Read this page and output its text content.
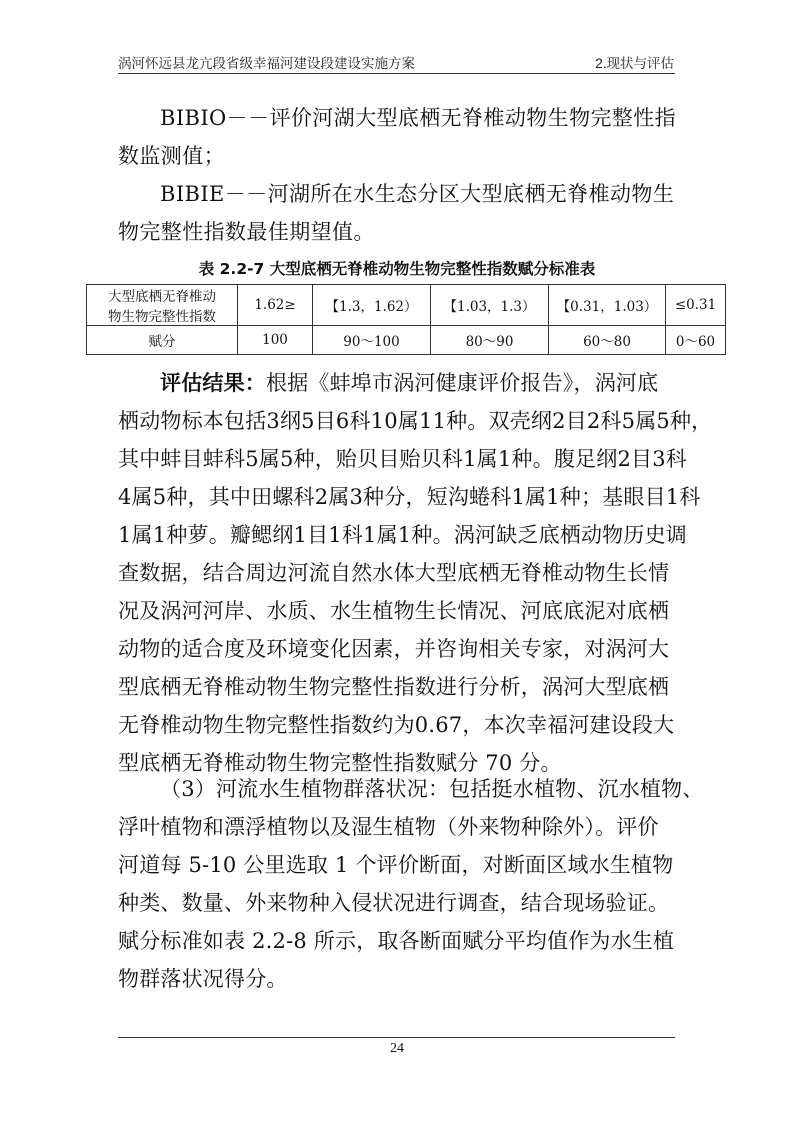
涡河怀远县龙亢段省级幸福河建设段建设实施方案	2.现状与评估

BIBIO－－评价河湖大型底栖无脊椎动物生物完整性指

数监测值；

BIBIE－－河湖所在水生态分区大型底栖无脊椎动物生

物完整性指数最佳期望值。

表 2.2-7 大型底栖无脊椎动物生物完整性指数赋分标准表
大型底栖无脊椎动
物生物完整性指数	1.62≥	【1.3，1.62）	【1.03，1.3）	【0.31，1.03）	≤0.31
赋分	100	90～100	80～90	60～80	0～60

评估结果：根据《蚌埠市涡河健康评价报告》，涡河底

栖动物标本包括3纲5目6科10属11种。双壳纲2目2科5属5种，

其中蚌目蚌科5属5种，贻贝目贻贝科1属1种。腹足纲2目3科

4属5种，其中田螺科2属3种分，短沟蜷科1属1种；基眼目1科

1属1种萝。瓣鳃纲1目1科1属1种。涡河缺乏底栖动物历史调

查数据，结合周边河流自然水体大型底栖无脊椎动物生长情

况及涡河河岸、水质、水生植物生长情况、河底底泥对底栖

动物的适合度及环境变化因素，并咨询相关专家，对涡河大

型底栖无脊椎动物生物完整性指数进行分析，涡河大型底栖

无脊椎动物生物完整性指数约为0.67，本次幸福河建设段大

型底栖无脊椎动物生物完整性指数赋分 70 分。

（3）河流水生植物群落状况：包括挺水植物、沉水植物、

浮叶植物和漂浮植物以及湿生植物（外来物种除外）。评价

河道每 5-10 公里选取 1 个评价断面，对断面区域水生植物

种类、数量、外来物种入侵状况进行调查，结合现场验证。

赋分标准如表 2.2-8 所示，取各断面赋分平均值作为水生植

物群落状况得分。

24
